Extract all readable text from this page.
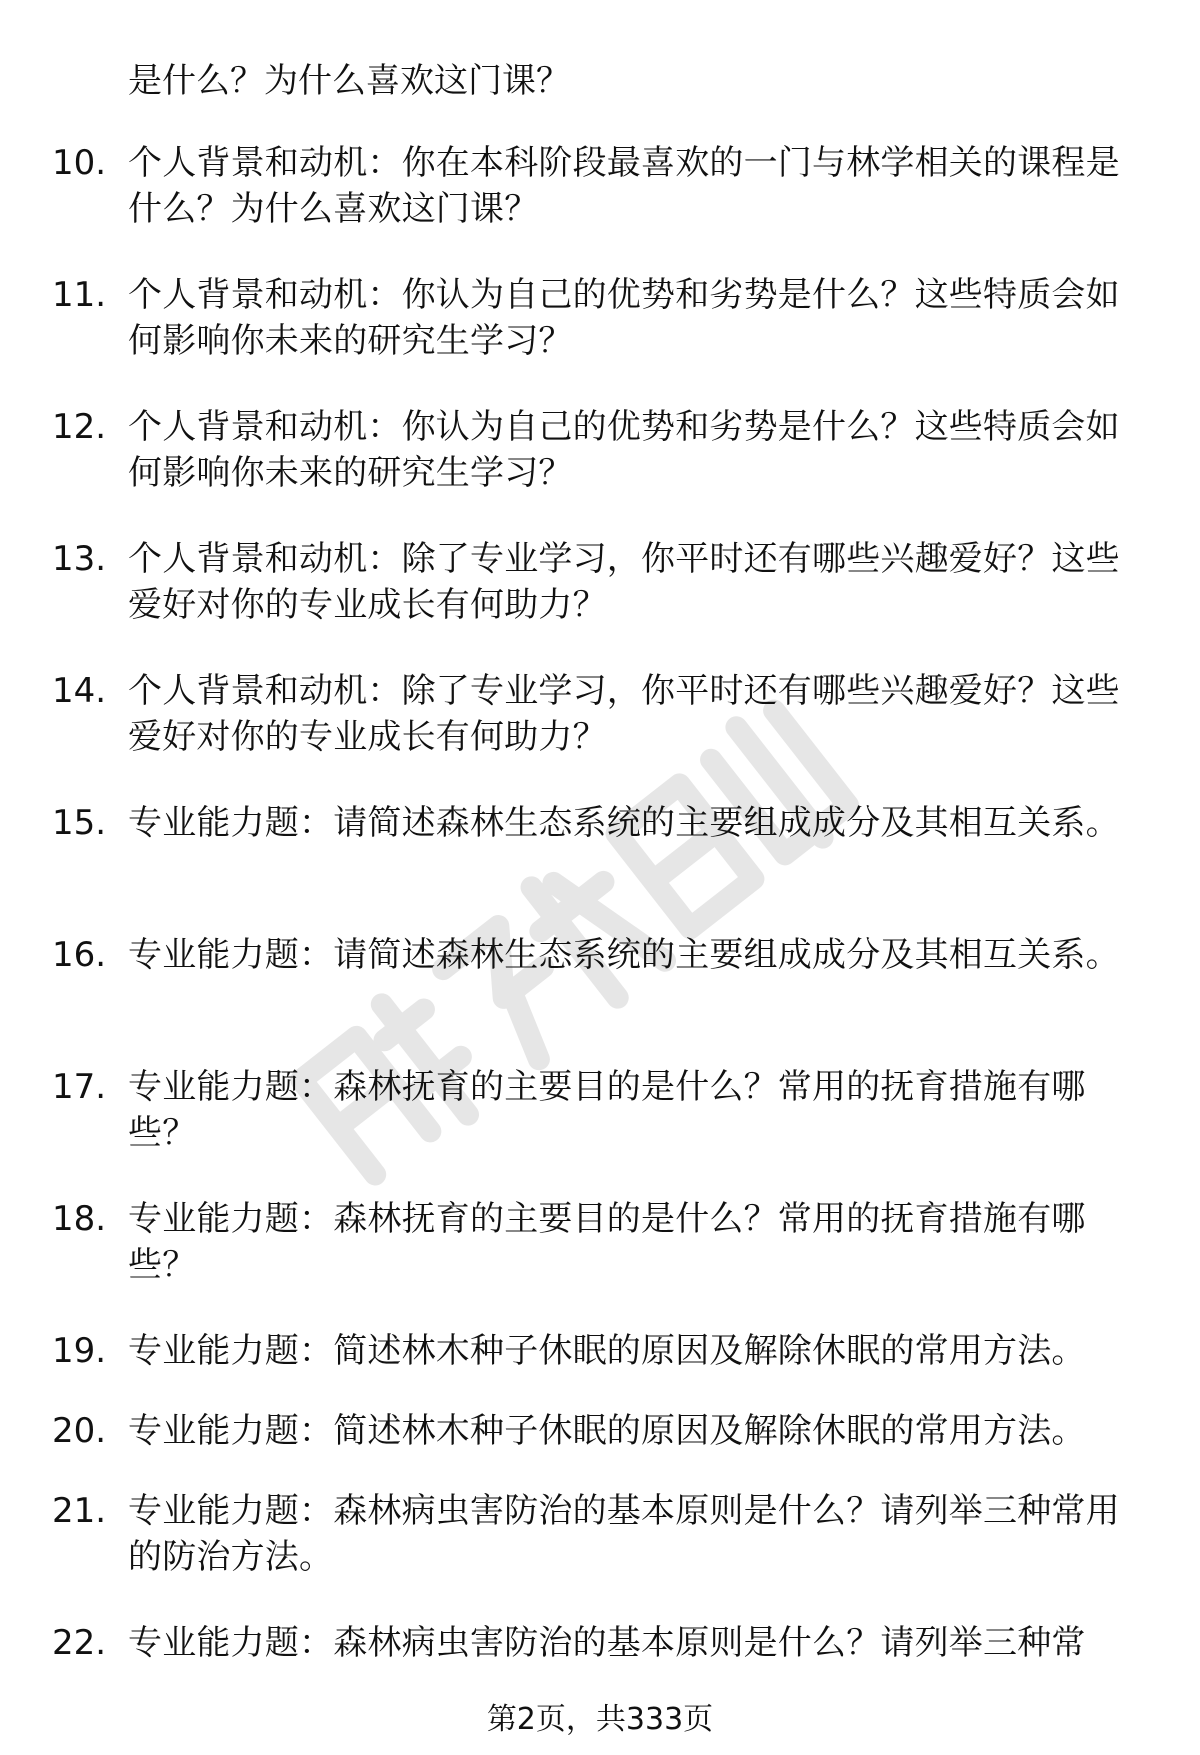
是什么？为什么喜欢这门课？
10. 个人背景和动机：你在本科阶段最喜欢的一门与林学相关的课程是什么？为什么喜欢这门课？
11. 个人背景和动机：你认为自己的优势和劣势是什么？这些特质会如何影响你未来的研究生学习？
12. 个人背景和动机：你认为自己的优势和劣势是什么？这些特质会如何影响你未来的研究生学习？
13. 个人背景和动机：除了专业学习，你平时还有哪些兴趣爱好？这些爱好对你的专业成长有何助力？
14. 个人背景和动机：除了专业学习，你平时还有哪些兴趣爱好？这些爱好对你的专业成长有何助力？
15. 专业能力题：请简述森林生态系统的主要组成成分及其相互关系。
16. 专业能力题：请简述森林生态系统的主要组成成分及其相互关系。
17. 专业能力题：森林抚育的主要目的是什么？常用的抚育措施有哪些？
18. 专业能力题：森林抚育的主要目的是什么？常用的抚育措施有哪些？
19. 专业能力题：简述林木种子休眠的原因及解除休眠的常用方法。
20. 专业能力题：简述林木种子休眠的原因及解除休眠的常用方法。
21. 专业能力题：森林病虫害防治的基本原则是什么？请列举三种常用的防治方法。
22. 专业能力题：森林病虫害防治的基本原则是什么？请列举三种常
第2页，共333页
